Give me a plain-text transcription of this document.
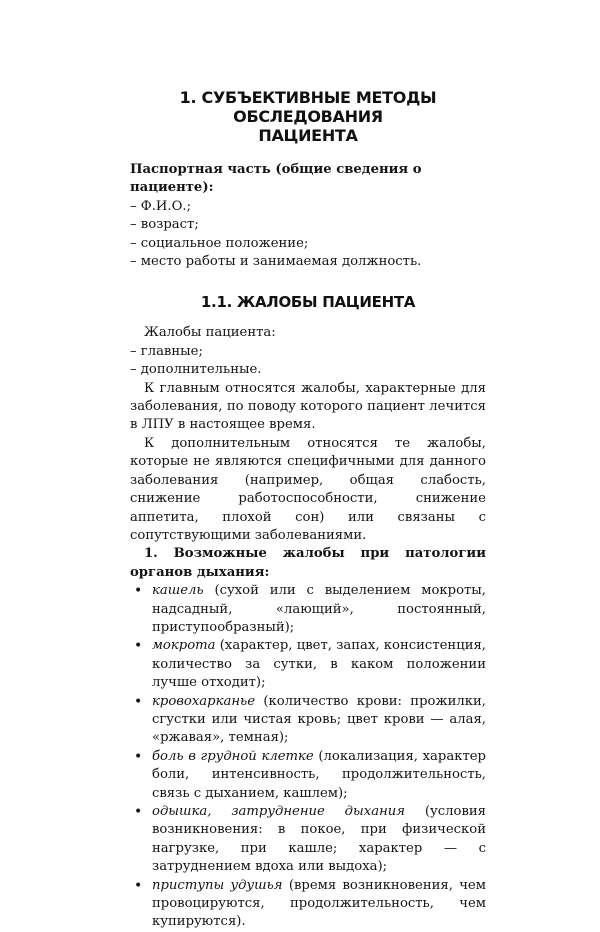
1. СУБЪЕКТИВНЫЕ МЕТОДЫ ОБСЛЕДОВАНИЯ
ПАЦИЕНТА

Паспортная часть (общие сведения о пациенте):

– Ф.И.О.;
– возраст;
– социальное положение;
– место работы и занимаемая должность.
1.1. ЖАЛОБЫ ПАЦИЕНТА

Жалобы пациента:

– главные;
– дополнительные.

К главным относятся жалобы, характерные для заболевания, по поводу которого пациент лечится в ЛПУ в настоящее время.

К дополнительным относятся те жалобы, которые не являются специфичными для данного заболевания (например, общая слабость, снижение работоспособности, снижение аппетита, плохой сон) или связаны с сопутствующими заболеваниями.

1. Возможные жалобы при патологии органов дыхания:

• кашель (сухой или с выделением мокроты, надсадный, «лающий», постоянный, приступообразный);
• мокрота (характер, цвет, запах, консистенция, количество за сутки, в каком положении лучше отходит);
• кровохарканье (количество крови: прожилки, сгустки или чистая кровь; цвет крови — алая, «ржавая», темная);
• боль в грудной клетке (локализация, характер боли, интенсивность, продолжительность, связь с дыханием, кашлем);
• одышка, затруднение дыхания (условия возникновения: в покое, при физической нагрузке, при кашле; характер — с затруднением вдоха или выдоха);
• приступы удушья (время возникновения, чем провоцируются, продолжительность, чем купируются).
